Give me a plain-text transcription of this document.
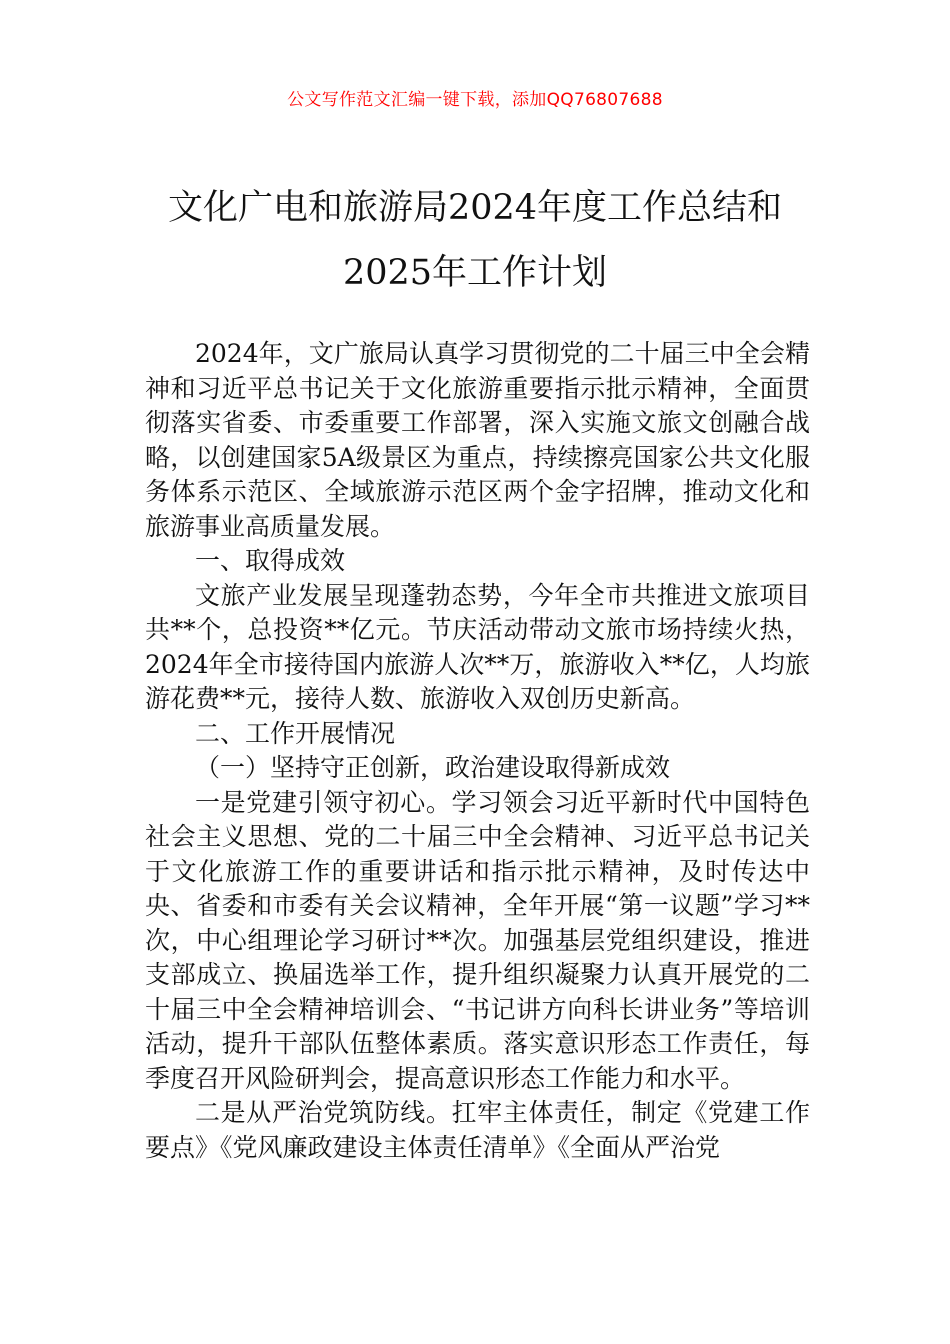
公文写作范文汇编一键下载，添加QQ76807688
文化广电和旅游局2024年度工作总结和
2025年工作计划

2024年，文广旅局认真学习贯彻党的二十届三中全会精神和习近平总书记关于文化旅游重要指示批示精神，全面贯彻落实省委、市委重要工作部署，深入实施文旅文创融合战略，以创建国家5A级景区为重点，持续擦亮国家公共文化服务体系示范区、全域旅游示范区两个金字招牌，推动文化和旅游事业高质量发展。

一、取得成效

文旅产业发展呈现蓬勃态势，今年全市共推进文旅项目共**个，总投资**亿元。节庆活动带动文旅市场持续火热，2024年全市接待国内旅游人次**万，旅游收入**亿，人均旅游花费**元，接待人数、旅游收入双创历史新高。

二、工作开展情况

（一）坚持守正创新，政治建设取得新成效

一是党建引领守初心。学习领会习近平新时代中国特色社会主义思想、党的二十届三中全会精神、习近平总书记关于文化旅游工作的重要讲话和指示批示精神，及时传达中央、省委和市委有关会议精神，全年开展“第一议题”学习**次，中心组理论学习研讨**次。加强基层党组织建设，推进支部成立、换届选举工作，提升组织凝聚力认真开展党的二十届三中全会精神培训会、“书记讲方向科长讲业务”等培训活动，提升干部队伍整体素质。落实意识形态工作责任，每季度召开风险研判会，提高意识形态工作能力和水平。

二是从严治党筑防线。扛牢主体责任，制定《党建工作要点》《党风廉政建设主体责任清单》《全面从严治党
